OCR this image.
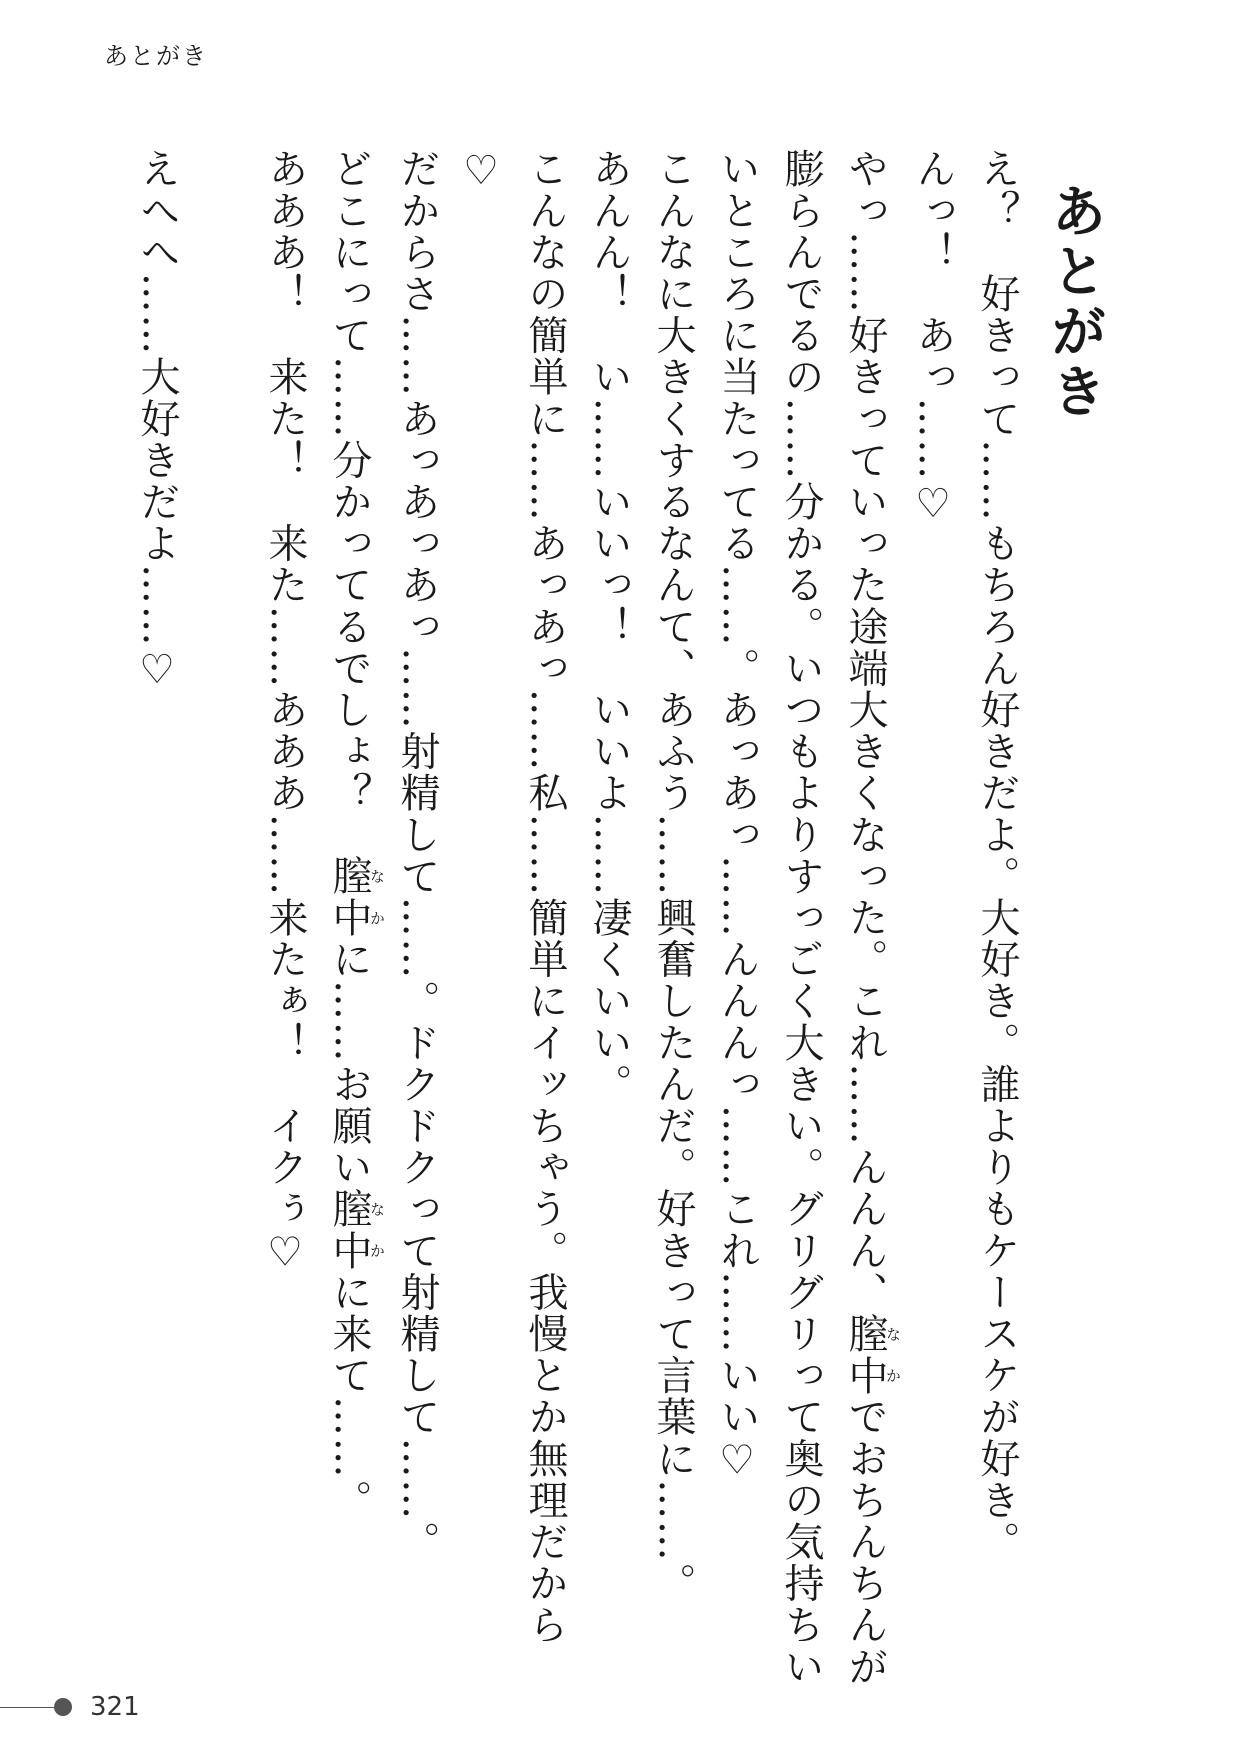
あとがき
あとがき

え？　好きって……もちろん好きだよ。大好き。誰よりもケースケが好き。

んっ！　あっ……♡

やっ……好きっていった途端大きくなった。これ……んんん、膣中なかでおちんちんが膨らんでるの……分かる。いつもよりすっごく大きい。グリグリって奥の気持ちいいところに当たってる……。あっあっ……んんんっ……これ……いい♡

こんなに大きくするなんて、あふう……興奮したんだ。好きって言葉に……。

あんん！　い……いいっ！　いいよ……凄くいい。

こんなの簡単に……あっあっ……私……簡単にイッちゃう。我慢とか無理だから♡

だからさ……あっあっあっ……射精して……。ドクドクって射精して……。

どこにって……分かってるでしょ？　膣中なかに……お願い膣中なかに来て……。

あああ！　来た！　来た……あああ……来たぁ！　イクぅ♡

えへへ……大好きだよ……♡

321
